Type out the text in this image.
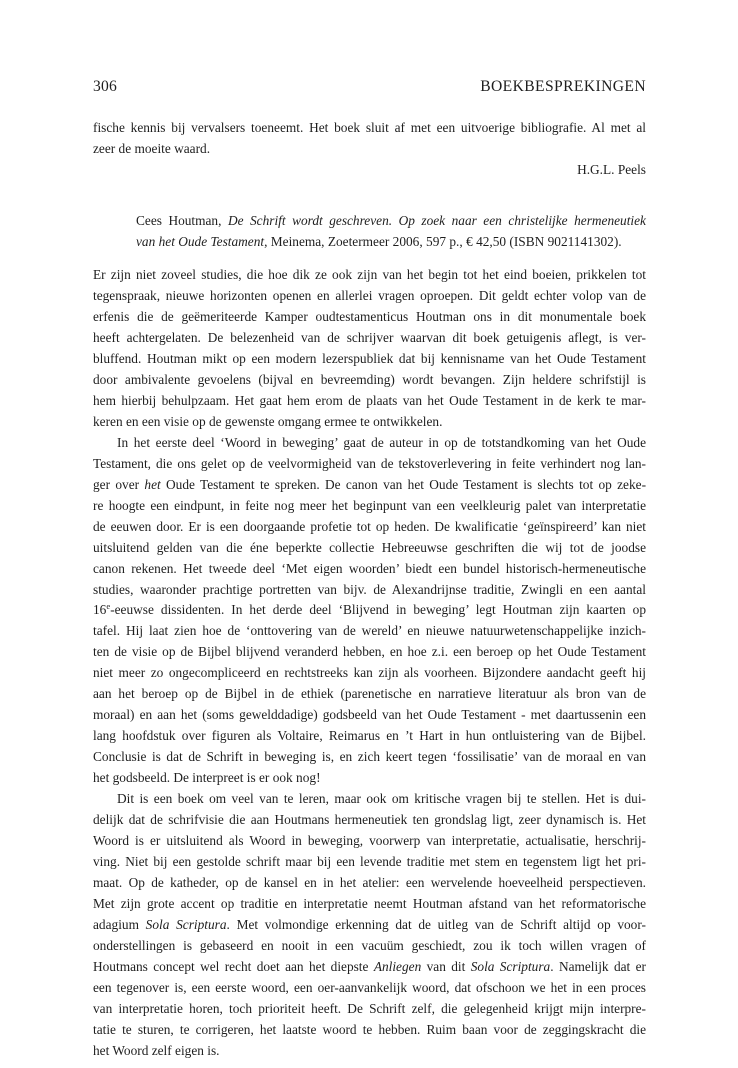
306	BOEKBESPREKINGEN
fische kennis bij vervalsers toeneemt. Het boek sluit af met een uitvoerige bibliografie. Al met al
zeer de moeite waard.
H.G.L. Peels
Cees Houtman, De Schrift wordt geschreven. Op zoek naar een christelijke hermeneutiek
van het Oude Testament, Meinema, Zoetermeer 2006, 597 p., € 42,50 (ISBN 9021141302).
Er zijn niet zoveel studies, die hoe dik ze ook zijn van het begin tot het eind boeien, prikkelen tot
tegenspraak, nieuwe horizonten openen en allerlei vragen oproepen. Dit geldt echter volop van de
erfenis die de geëmeriteerde Kamper oudtestamenticus Houtman ons in dit monumentale boek
heeft achtergelaten. De belezenheid van de schrijver waarvan dit boek getuigenis aflegt, is ver-
bluffend. Houtman mikt op een modern lezerspubliek dat bij kennisname van het Oude Testament
door ambivalente gevoelens (bijval en bevreemding) wordt bevangen. Zijn heldere schrifstijl is
hem hierbij behulpzaam. Het gaat hem erom de plaats van het Oude Testament in de kerk te mar-
keren en een visie op de gewenste omgang ermee te ontwikkelen.
In het eerste deel ‘Woord in beweging’ gaat de auteur in op de totstandkoming van het Oude
Testament, die ons gelet op de veelvormigheid van de tekstoverlevering in feite verhindert nog lan-
ger over het Oude Testament te spreken. De canon van het Oude Testament is slechts tot op zeke-
re hoogte een eindpunt, in feite nog meer het beginpunt van een veelkleurig palet van interpretatie
de eeuwen door. Er is een doorgaande profetie tot op heden. De kwalificatie ‘geïnspireerd’ kan niet
uitsluitend gelden van die éne beperkte collectie Hebreeuwse geschriften die wij tot de joodse
canon rekenen. Het tweede deel ‘Met eigen woorden’ biedt een bundel historisch-hermeneutische
studies, waaronder prachtige portretten van bijv. de Alexandrijnse traditie, Zwingli en een aantal
16e-eeuwse dissidenten. In het derde deel ‘Blijvend in beweging’ legt Houtman zijn kaarten op
tafel. Hij laat zien hoe de ‘onttovering van de wereld’ en nieuwe natuurwetenschappelijke inzich-
ten de visie op de Bijbel blijvend veranderd hebben, en hoe z.i. een beroep op het Oude Testament
niet meer zo ongecompliceerd en rechtstreeks kan zijn als voorheen. Bijzondere aandacht geeft hij
aan het beroep op de Bijbel in de ethiek (parenetische en narratieve literatuur als bron van de
moraal) en aan het (soms gewelddadige) godsbeeld van het Oude Testament - met daartussenin een
lang hoofdstuk over figuren als Voltaire, Reimarus en ’t Hart in hun ontluistering van de Bijbel.
Conclusie is dat de Schrift in beweging is, en zich keert tegen ‘fossilisatie’ van de moraal en van
het godsbeeld. De interpreet is er ook nog!
Dit is een boek om veel van te leren, maar ook om kritische vragen bij te stellen. Het is dui-
delijk dat de schrifvisie die aan Houtmans hermeneutiek ten grondslag ligt, zeer dynamisch is. Het
Woord is er uitsluitend als Woord in beweging, voorwerp van interpretatie, actualisatie, herschrij-
ving. Niet bij een gestolde schrift maar bij een levende traditie met stem en tegenstem ligt het pri-
maat. Op de katheder, op de kansel en in het atelier: een wervelende hoeveelheid perspectieven.
Met zijn grote accent op traditie en interpretatie neemt Houtman afstand van het reformatorische
adagium Sola Scriptura. Met volmondige erkenning dat de uitleg van de Schrift altijd op voor-
onderstellingen is gebaseerd en nooit in een vacuüm geschiedt, zou ik toch willen vragen of
Houtmans concept wel recht doet aan het diepste Anliegen van dit Sola Scriptura. Namelijk dat er
een tegenover is, een eerste woord, een oer-aanvankelijk woord, dat ofschoon we het in een proces
van interpretatie horen, toch prioriteit heeft. De Schrift zelf, die gelegenheid krijgt mijn interpre-
tatie te sturen, te corrigeren, het laatste woord te hebben. Ruim baan voor de zeggingskracht die
het Woord zelf eigen is.
